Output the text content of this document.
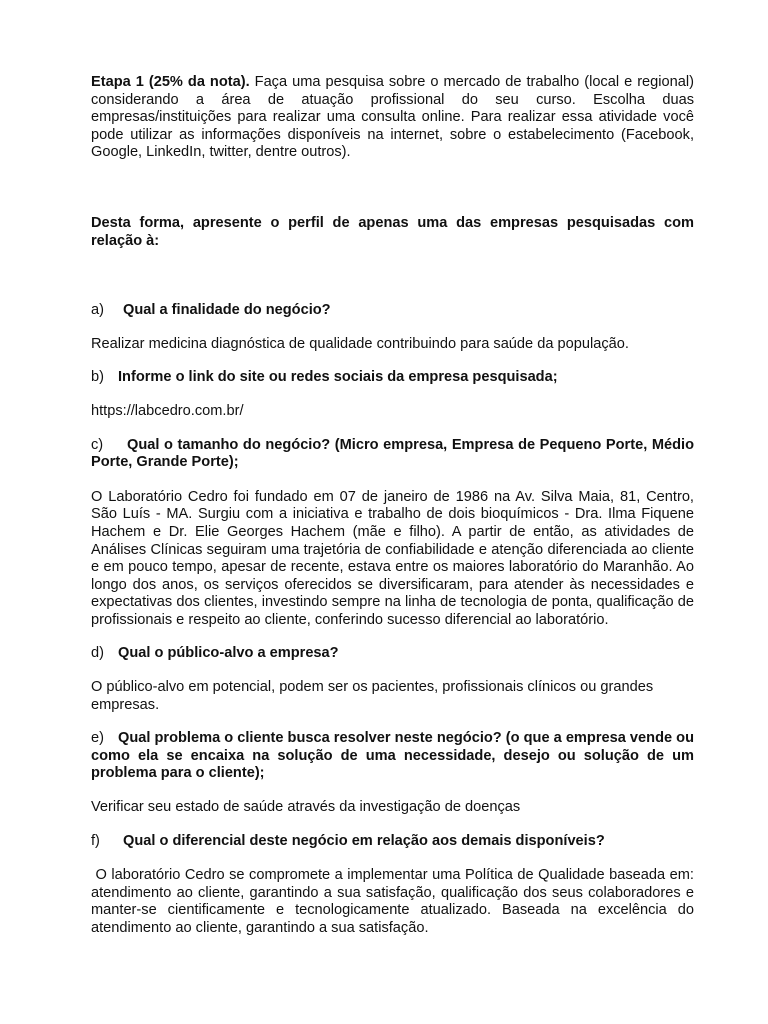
Etapa 1 (25% da nota). Faça uma pesquisa sobre o mercado de trabalho (local e regional) considerando a área de atuação profissional do seu curso. Escolha duas empresas/instituições para realizar uma consulta online. Para realizar essa atividade você pode utilizar as informações disponíveis na internet, sobre o estabelecimento (Facebook, Google, LinkedIn, twitter, dentre outros).

Desta forma, apresente o perfil de apenas uma das empresas pesquisadas com relação à:

a) Qual a finalidade do negócio?

Realizar medicina diagnóstica de qualidade contribuindo para saúde da população.

b) Informe o link do site ou redes sociais da empresa pesquisada;

https://labcedro.com.br/

c) Qual o tamanho do negócio? (Micro empresa, Empresa de Pequeno Porte, Médio Porte, Grande Porte);

O Laboratório Cedro foi fundado em 07 de janeiro de 1986 na Av. Silva Maia, 81, Centro, São Luís - MA. Surgiu com a iniciativa e trabalho de dois bioquímicos - Dra. Ilma Fiquene Hachem e Dr. Elie Georges Hachem (mãe e filho). A partir de então, as atividades de Análises Clínicas seguiram uma trajetória de confiabilidade e atenção diferenciada ao cliente e em pouco tempo, apesar de recente, estava entre os maiores laboratório do Maranhão. Ao longo dos anos, os serviços oferecidos se diversificaram, para atender às necessidades e expectativas dos clientes, investindo sempre na linha de tecnologia de ponta, qualificação de profissionais e respeito ao cliente, conferindo sucesso diferencial ao laboratório.

d) Qual o público-alvo a empresa?

O público-alvo em potencial, podem ser os pacientes, profissionais clínicos ou grandes empresas.

e) Qual problema o cliente busca resolver neste negócio? (o que a empresa vende ou como ela se encaixa na solução de uma necessidade, desejo ou solução de um problema para o cliente);

Verificar seu estado de saúde através da investigação de doenças

f) Qual o diferencial deste negócio em relação aos demais disponíveis?

O laboratório Cedro se compromete a implementar uma Política de Qualidade baseada em: atendimento ao cliente, garantindo a sua satisfação, qualificação dos seus colaboradores e manter-se cientificamente e tecnologicamente atualizado. Baseada na excelência do atendimento ao cliente, garantindo a sua satisfação.
